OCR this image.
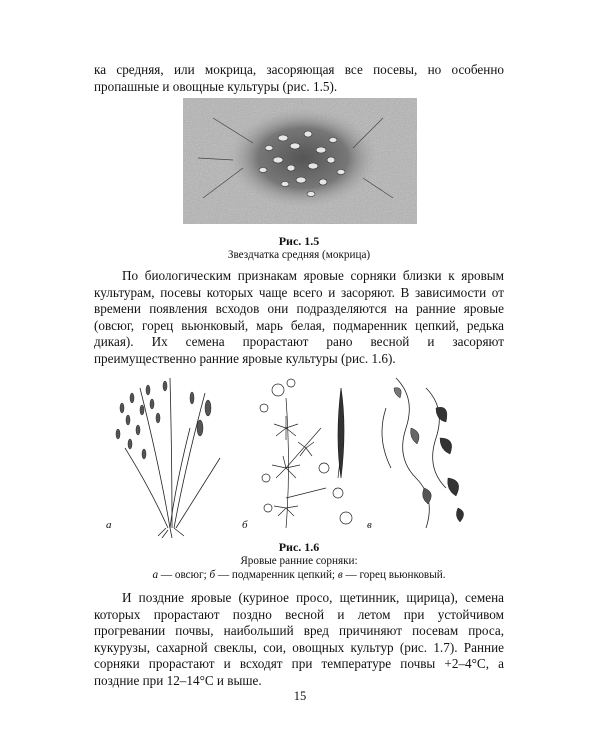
ка средняя, или мокрица, засоряющая все посевы, но особенно пропашные и овощные культуры (рис. 1.5).

Рис. 1.5

Звездчатка средняя (мокрица)

По биологическим признакам яровые сорняки близки к яровым культурам, посевы которых чаще всего и засоряют. В зависимости от времени появления всходов они подразделяются на ранние яровые (овсюг, горец вьюнковый, марь белая, подмаренник цепкий, редька дикая). Их семена прорастают рано весной и засоряют преимущественно ранние яровые культуры (рис. 1.6).

а	б	в

Рис. 1.6

Яровые ранние сорняки:

а — овсюг; б — подмаренник цепкий; в — горец вьюнковый.

И поздние яровые (куриное просо, щетинник, щирица), семена которых прорастают поздно весной и летом при устойчивом прогревании почвы, наибольший вред причиняют посевам проса, кукурузы, сахарной свеклы, сои, овощных культур (рис. 1.7). Ранние сорняки прорастают и всходят при температуре почвы +2–4°С, а поздние при 12–14°С и выше.

15
